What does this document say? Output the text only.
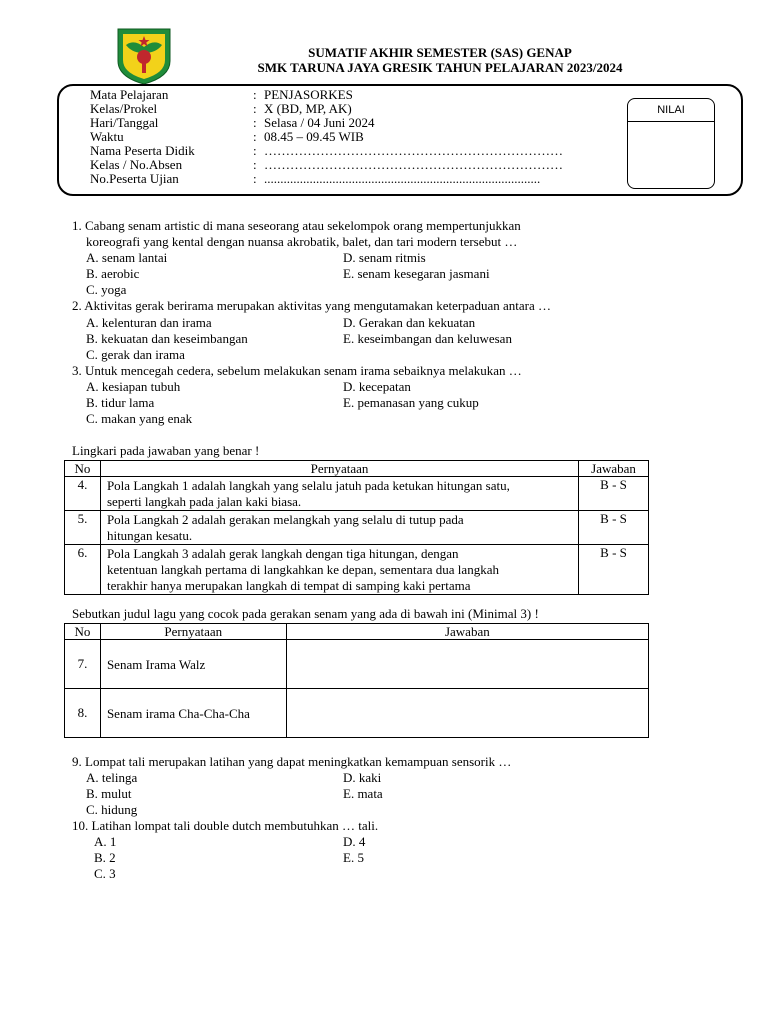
SUMATIF AKHIR SEMESTER (SAS) GENAP
SMK TARUNA JAYA GRESIK TAHUN PELAJARAN 2023/2024
Mata Pelajaran	: PENJASORKES
Kelas/Prokel	: X (BD, MP, AK)
Hari/Tanggal	: Selasa / 04 Juni 2024
Waktu	: 08.45 – 09.45 WIB
Nama Peserta Didik	: ……………………………………………………………
Kelas / No.Absen	: ……………………………………………………………
No.Peserta Ujian	: .....................................................................................
NILAI
1. Cabang senam artistic di mana seseorang atau sekelompok orang mempertunjukkan
koreografi yang kental dengan nuansa akrobatik, balet, dan tari modern tersebut …
A. senam lantai	D. senam ritmis
B. aerobic	E. senam kesegaran jasmani
C. yoga
2. Aktivitas gerak berirama merupakan aktivitas yang mengutamakan keterpaduan antara …
A. kelenturan dan irama	D. Gerakan dan kekuatan
B. kekuatan dan keseimbangan	E. keseimbangan dan keluwesan
C. gerak dan irama
3. Untuk mencegah cedera, sebelum melakukan senam irama sebaiknya melakukan …
A. kesiapan tubuh	D. kecepatan
B. tidur lama	E. pemanasan yang cukup
C. makan yang enak
Lingkari pada jawaban yang benar !
No	Pernyataan	Jawaban
4.	Pola Langkah 1 adalah langkah yang selalu jatuh pada ketukan hitungan satu,
seperti langkah pada jalan kaki biasa.	B - S
5.	Pola Langkah 2 adalah gerakan melangkah yang selalu di tutup pada
hitungan kesatu.	B - S
6.	Pola Langkah 3 adalah gerak langkah dengan tiga hitungan, dengan
ketentuan langkah pertama di langkahkan ke depan, sementara dua langkah
terakhir hanya merupakan langkah di tempat di samping kaki pertama	B - S
Sebutkan judul lagu yang cocok pada gerakan senam yang ada di bawah ini (Minimal 3) !
No	Pernyataan	Jawaban
7.	Senam Irama Walz	
8.	Senam irama Cha-Cha-Cha	
9. Lompat tali merupakan latihan yang dapat meningkatkan kemampuan sensorik …
A. telinga	D. kaki
B. mulut	E. mata
C. hidung
10. Latihan lompat tali double dutch membutuhkan … tali.
A. 1	D. 4
B. 2	E. 5
C. 3
